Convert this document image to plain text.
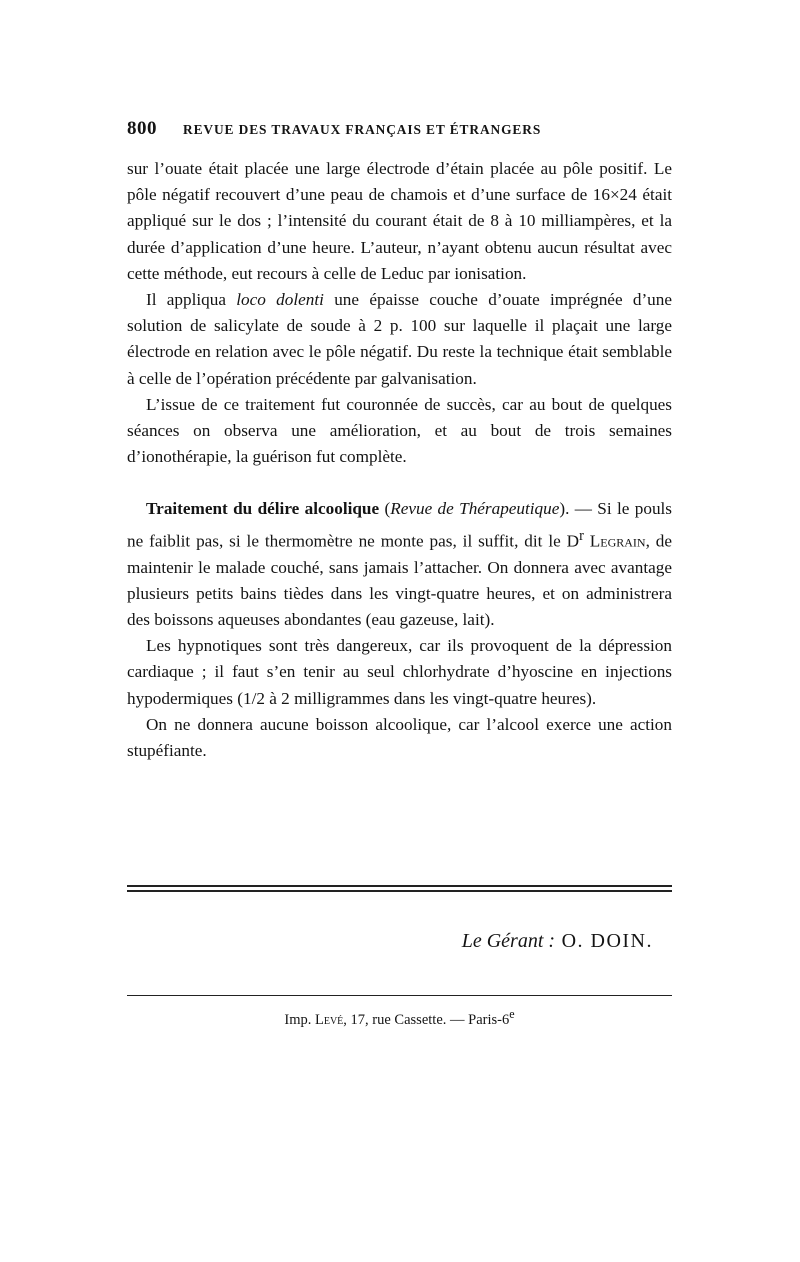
800 REVUE DES TRAVAUX FRANÇAIS ET ÉTRANGERS

sur l’ouate était placée une large électrode d’étain placée au pôle positif. Le pôle négatif recouvert d’une peau de chamois et d’une surface de 16×24 était appliqué sur le dos ; l’intensité du courant était de 8 à 10 milliampères, et la durée d’application d’une heure. L’auteur, n’ayant obtenu aucun résultat avec cette méthode, eut recours à celle de Leduc par ionisation.

Il appliqua loco dolenti une épaisse couche d’ouate imprégnée d’une solution de salicylate de soude à 2 p. 100 sur laquelle il plaçait une large électrode en relation avec le pôle négatif. Du reste la technique était semblable à celle de l’opération précédente par galvanisation.

L’issue de ce traitement fut couronnée de succès, car au bout de quelques séances on observa une amélioration, et au bout de trois semaines d’ionothérapie, la guérison fut complète.

Traitement du délire alcoolique (Revue de Thérapeutique). — Si le pouls ne faiblit pas, si le thermomètre ne monte pas, il suffit, dit le $D^r$ Legrain, de maintenir le malade couché, sans jamais l’attacher. On donnera avec avantage plusieurs petits bains tièdes dans les vingt-quatre heures, et on administrera des boissons aqueuses abondantes (eau gazeuse, lait).

Les hypnotiques sont très dangereux, car ils provoquent de la dépression cardiaque ; il faut s’en tenir au seul chlorhydrate d’hyoscine en injections hypodermiques (1/2 à 2 milligrammes dans les vingt-quatre heures).

On ne donnera aucune boisson alcoolique, car l’alcool exerce une action stupéfiante.

Le Gérant : O. DOIN.
Imp. Levé, 17, rue Cassette. — Paris-6e
